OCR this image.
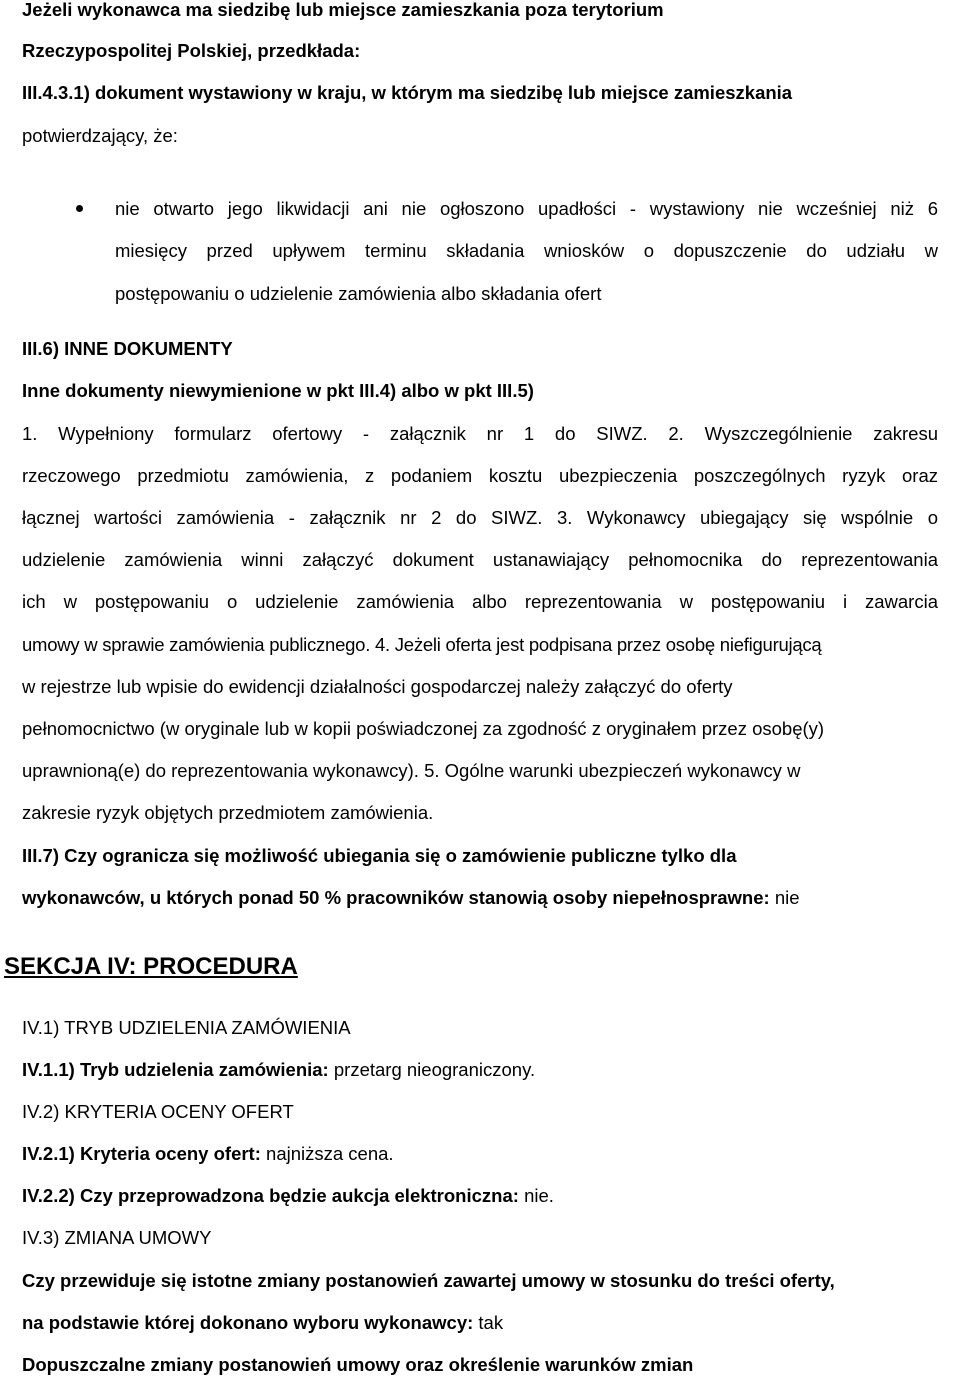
Jeżeli wykonawca ma siedzibę lub miejsce zamieszkania poza terytorium
Rzeczypospolitej Polskiej, przedkłada:
III.4.3.1) dokument wystawiony w kraju, w którym ma siedzibę lub miejsce zamieszkania
potwierdzający, że:
nie otwarto jego likwidacji ani nie ogłoszono upadłości - wystawiony nie wcześniej niż 6
miesięcy przed upływem terminu składania wniosków o dopuszczenie do udziału w
postępowaniu o udzielenie zamówienia albo składania ofert
III.6) INNE DOKUMENTY
Inne dokumenty niewymienione w pkt III.4) albo w pkt III.5)
1. Wypełniony formularz ofertowy - załącznik nr 1 do SIWZ. 2. Wyszczególnienie zakresu
rzeczowego przedmiotu zamówienia, z podaniem kosztu ubezpieczenia poszczególnych ryzyk oraz
łącznej wartości zamówienia - załącznik nr 2 do SIWZ. 3. Wykonawcy ubiegający się wspólnie o
udzielenie zamówienia winni załączyć dokument ustanawiający pełnomocnika do reprezentowania
ich w postępowaniu o udzielenie zamówienia albo reprezentowania w postępowaniu i zawarcia
umowy w sprawie zamówienia publicznego. 4. Jeżeli oferta jest podpisana przez osobę niefigurującą
w rejestrze lub wpisie do ewidencji działalności gospodarczej należy załączyć do oferty
pełnomocnictwo (w oryginale lub w kopii poświadczonej za zgodność z oryginałem przez osobę(y)
uprawnioną(e) do reprezentowania wykonawcy). 5. Ogólne warunki ubezpieczeń wykonawcy w
zakresie ryzyk objętych przedmiotem zamówienia.
III.7) Czy ogranicza się możliwość ubiegania się o zamówienie publiczne tylko dla
wykonawców, u których ponad 50 % pracowników stanowią osoby niepełnosprawne: nie
SEKCJA IV: PROCEDURA
IV.1) TRYB UDZIELENIA ZAMÓWIENIA
IV.1.1) Tryb udzielenia zamówienia: przetarg nieograniczony.
IV.2) KRYTERIA OCENY OFERT
IV.2.1) Kryteria oceny ofert: najniższa cena.
IV.2.2) Czy przeprowadzona będzie aukcja elektroniczna: nie.
IV.3) ZMIANA UMOWY
Czy przewiduje się istotne zmiany postanowień zawartej umowy w stosunku do treści oferty,
na podstawie której dokonano wyboru wykonawcy: tak
Dopuszczalne zmiany postanowień umowy oraz określenie warunków zmian
